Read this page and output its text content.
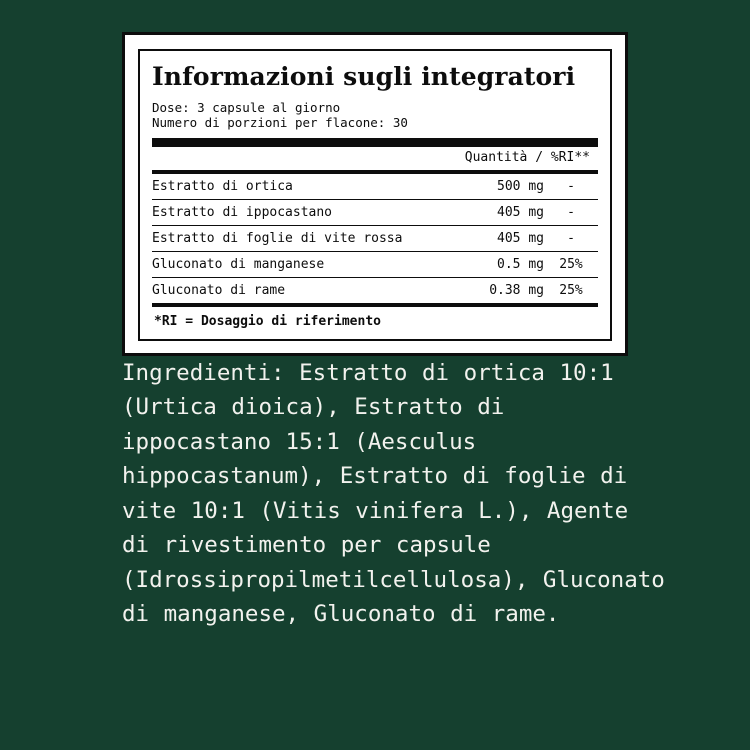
Informazioni sugli integratori
Dose: 3 capsule al giorno
Numero di porzioni per flacone: 30
Quantità / %RI**
Estratto di ortica	500 mg	-
Estratto di ippocastano	405 mg	-
Estratto di foglie di vite rossa	405 mg	-
Gluconato di manganese	0.5 mg	25%
Gluconato di rame	0.38 mg	25%
*RI = Dosaggio di riferimento
Ingredienti: Estratto di ortica 10:1 (Urtica dioica), Estratto di ippocastano 15:1 (Aesculus hippocastanum), Estratto di foglie di vite 10:1 (Vitis vinifera L.), Agente di rivestimento per capsule (Idrossipropilmetilcellulosa), Gluconato di manganese, Gluconato di rame.
